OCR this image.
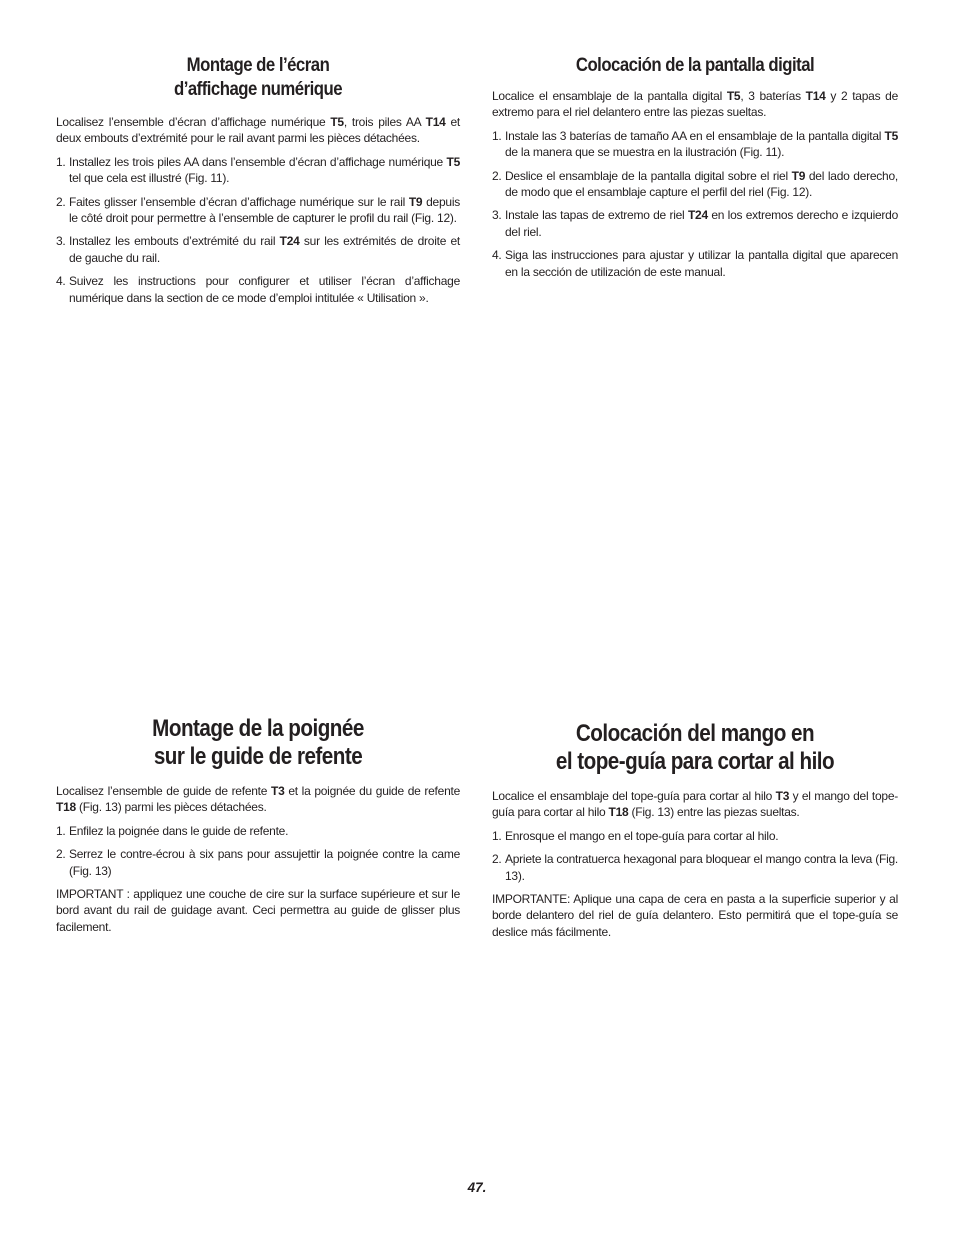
Montage de l’écran
d’affichage numérique

Localisez l’ensemble d’écran d’affichage numérique T5, trois piles AA T14 et deux embouts d’extrémité pour le rail avant parmi les pièces détachées.

1. Installez les trois piles AA dans l’ensemble d’écran d’affichage numérique T5 tel que cela est illustré (Fig. 11).
2. Faites glisser l’ensemble d’écran d’affichage numérique sur le rail T9 depuis le côté droit pour permettre à l’ensemble de capturer le profil du rail (Fig. 12).
3. Installez les embouts d’extrémité du rail T24 sur les extrémités de droite et de gauche du rail.
4. Suivez les instructions pour configurer et utiliser l’écran d’affichage numérique dans la section de ce mode d’emploi intitulée « Utilisation ».
Colocación de la pantalla digital

Localice el ensamblaje de la pantalla digital T5, 3 baterías T14 y 2 tapas de extremo para el riel delantero entre las piezas sueltas.

1. Instale las 3 baterías de tamaño AA en el ensamblaje de la pantalla digital T5 de la manera que se muestra en la ilustración (Fig. 11).
2. Deslice el ensamblaje de la pantalla digital sobre el riel T9 del lado derecho, de modo que el ensamblaje capture el perfil del riel (Fig. 12).
3. Instale las tapas de extremo de riel T24 en los extremos derecho e izquierdo del riel.
4. Siga las instrucciones para ajustar y utilizar la pantalla digital que aparecen en la sección de utilización de este manual.
Montage de la poignée
sur le guide de refente

Localisez l’ensemble de guide de refente T3 et la poignée du guide de refente T18 (Fig. 13) parmi les pièces détachées.

1. Enfilez la poignée dans le guide de refente.
2. Serrez le contre-écrou à six pans pour assujettir la poignée contre la came (Fig. 13)

IMPORTANT : appliquez une couche de cire sur la surface supérieure et sur le bord avant du rail de guidage avant. Ceci permettra au guide de glisser plus facilement.

Colocación del mango en
el tope-guía para cortar al hilo

Localice el ensamblaje del tope-guía para cortar al hilo T3 y el mango del tope-guía para cortar al hilo T18 (Fig. 13) entre las piezas sueltas.

1. Enrosque el mango en el tope-guía para cortar al hilo.
2. Apriete la contratuerca hexagonal para bloquear el mango contra la leva (Fig. 13).

IMPORTANTE: Aplique una capa de cera en pasta a la superficie superior y al borde delantero del riel de guía delantero. Esto permitirá que el tope-guía se deslice más fácilmente.

47.
